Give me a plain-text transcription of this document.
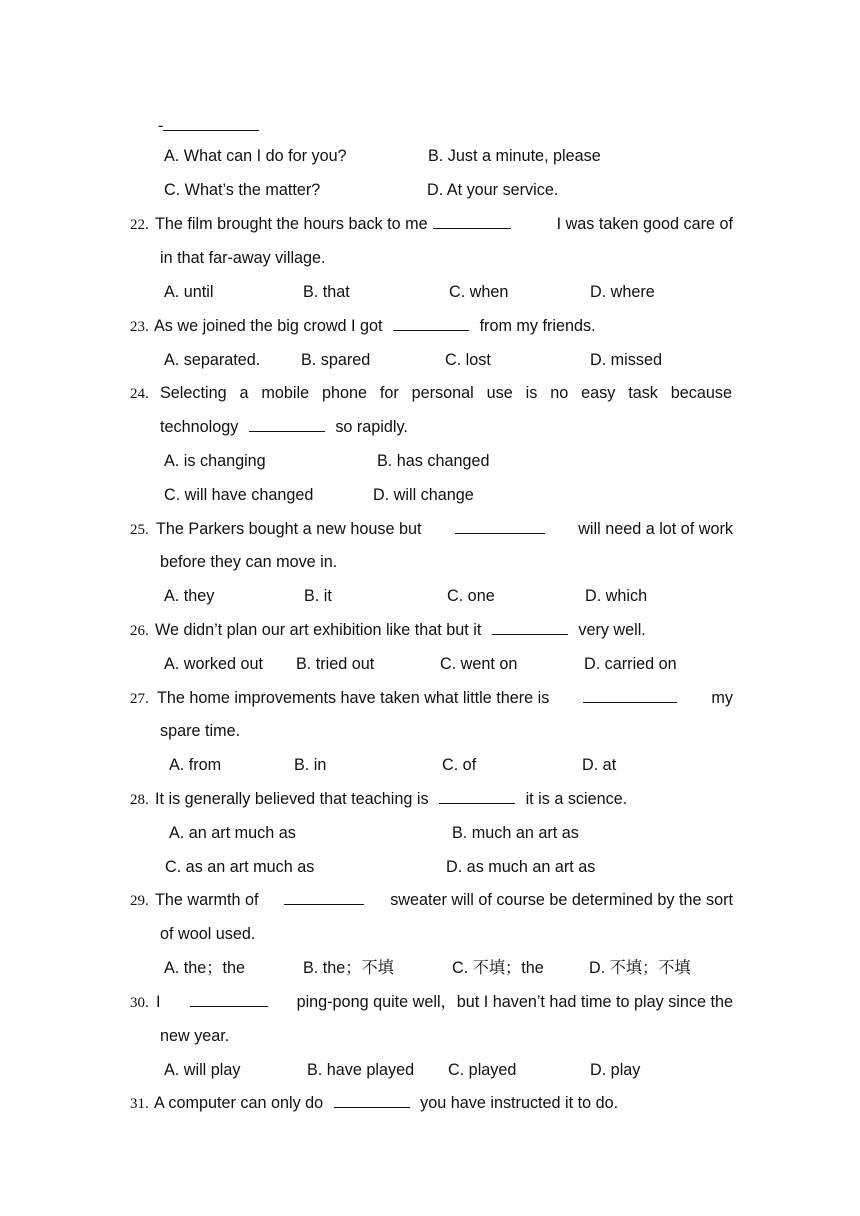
-
A. What can I do for you?	B. Just a minute, please
C. What’s the matter?	D. At your service.
22. The film brought the hours back to me	I was taken good care of
in that far-away village.
A. until	B. that	C. when	D. where
23. As we joined the big crowd I got	from my friends.
A. separated.	B. spared	C. lost	D. missed
24. Selecting a mobile phone for personal use is no easy task because
technology	so rapidly.
A. is changing	B. has changed
C. will have changed	D. will change
25. The Parkers bought a new house but	will need a lot of work
before they can move in.
A. they	B. it	C. one	D. which
26. We didn’t plan our art exhibition like that but it	very well.
A. worked out B. tried out	C. went on	D. carried on
27. The home improvements have taken what little there is	my
spare time.
A. from	B. in	C. of	D. at
28. It is generally believed that teaching is	it is a science.
A. an art much as	B. much an art as
C. as an art much as	D. as much an art as
29. The warmth of	sweater will of course be determined by the sort
of wool used.
A. the；the	B. the；不填	C. 不填；the	D. 不填；不填
30. I	ping-pong quite well，but I haven’t had time to play since the
new year.
A. will play	B. have played C. played	D. play
31. A computer can only do	you have instructed it to do.
